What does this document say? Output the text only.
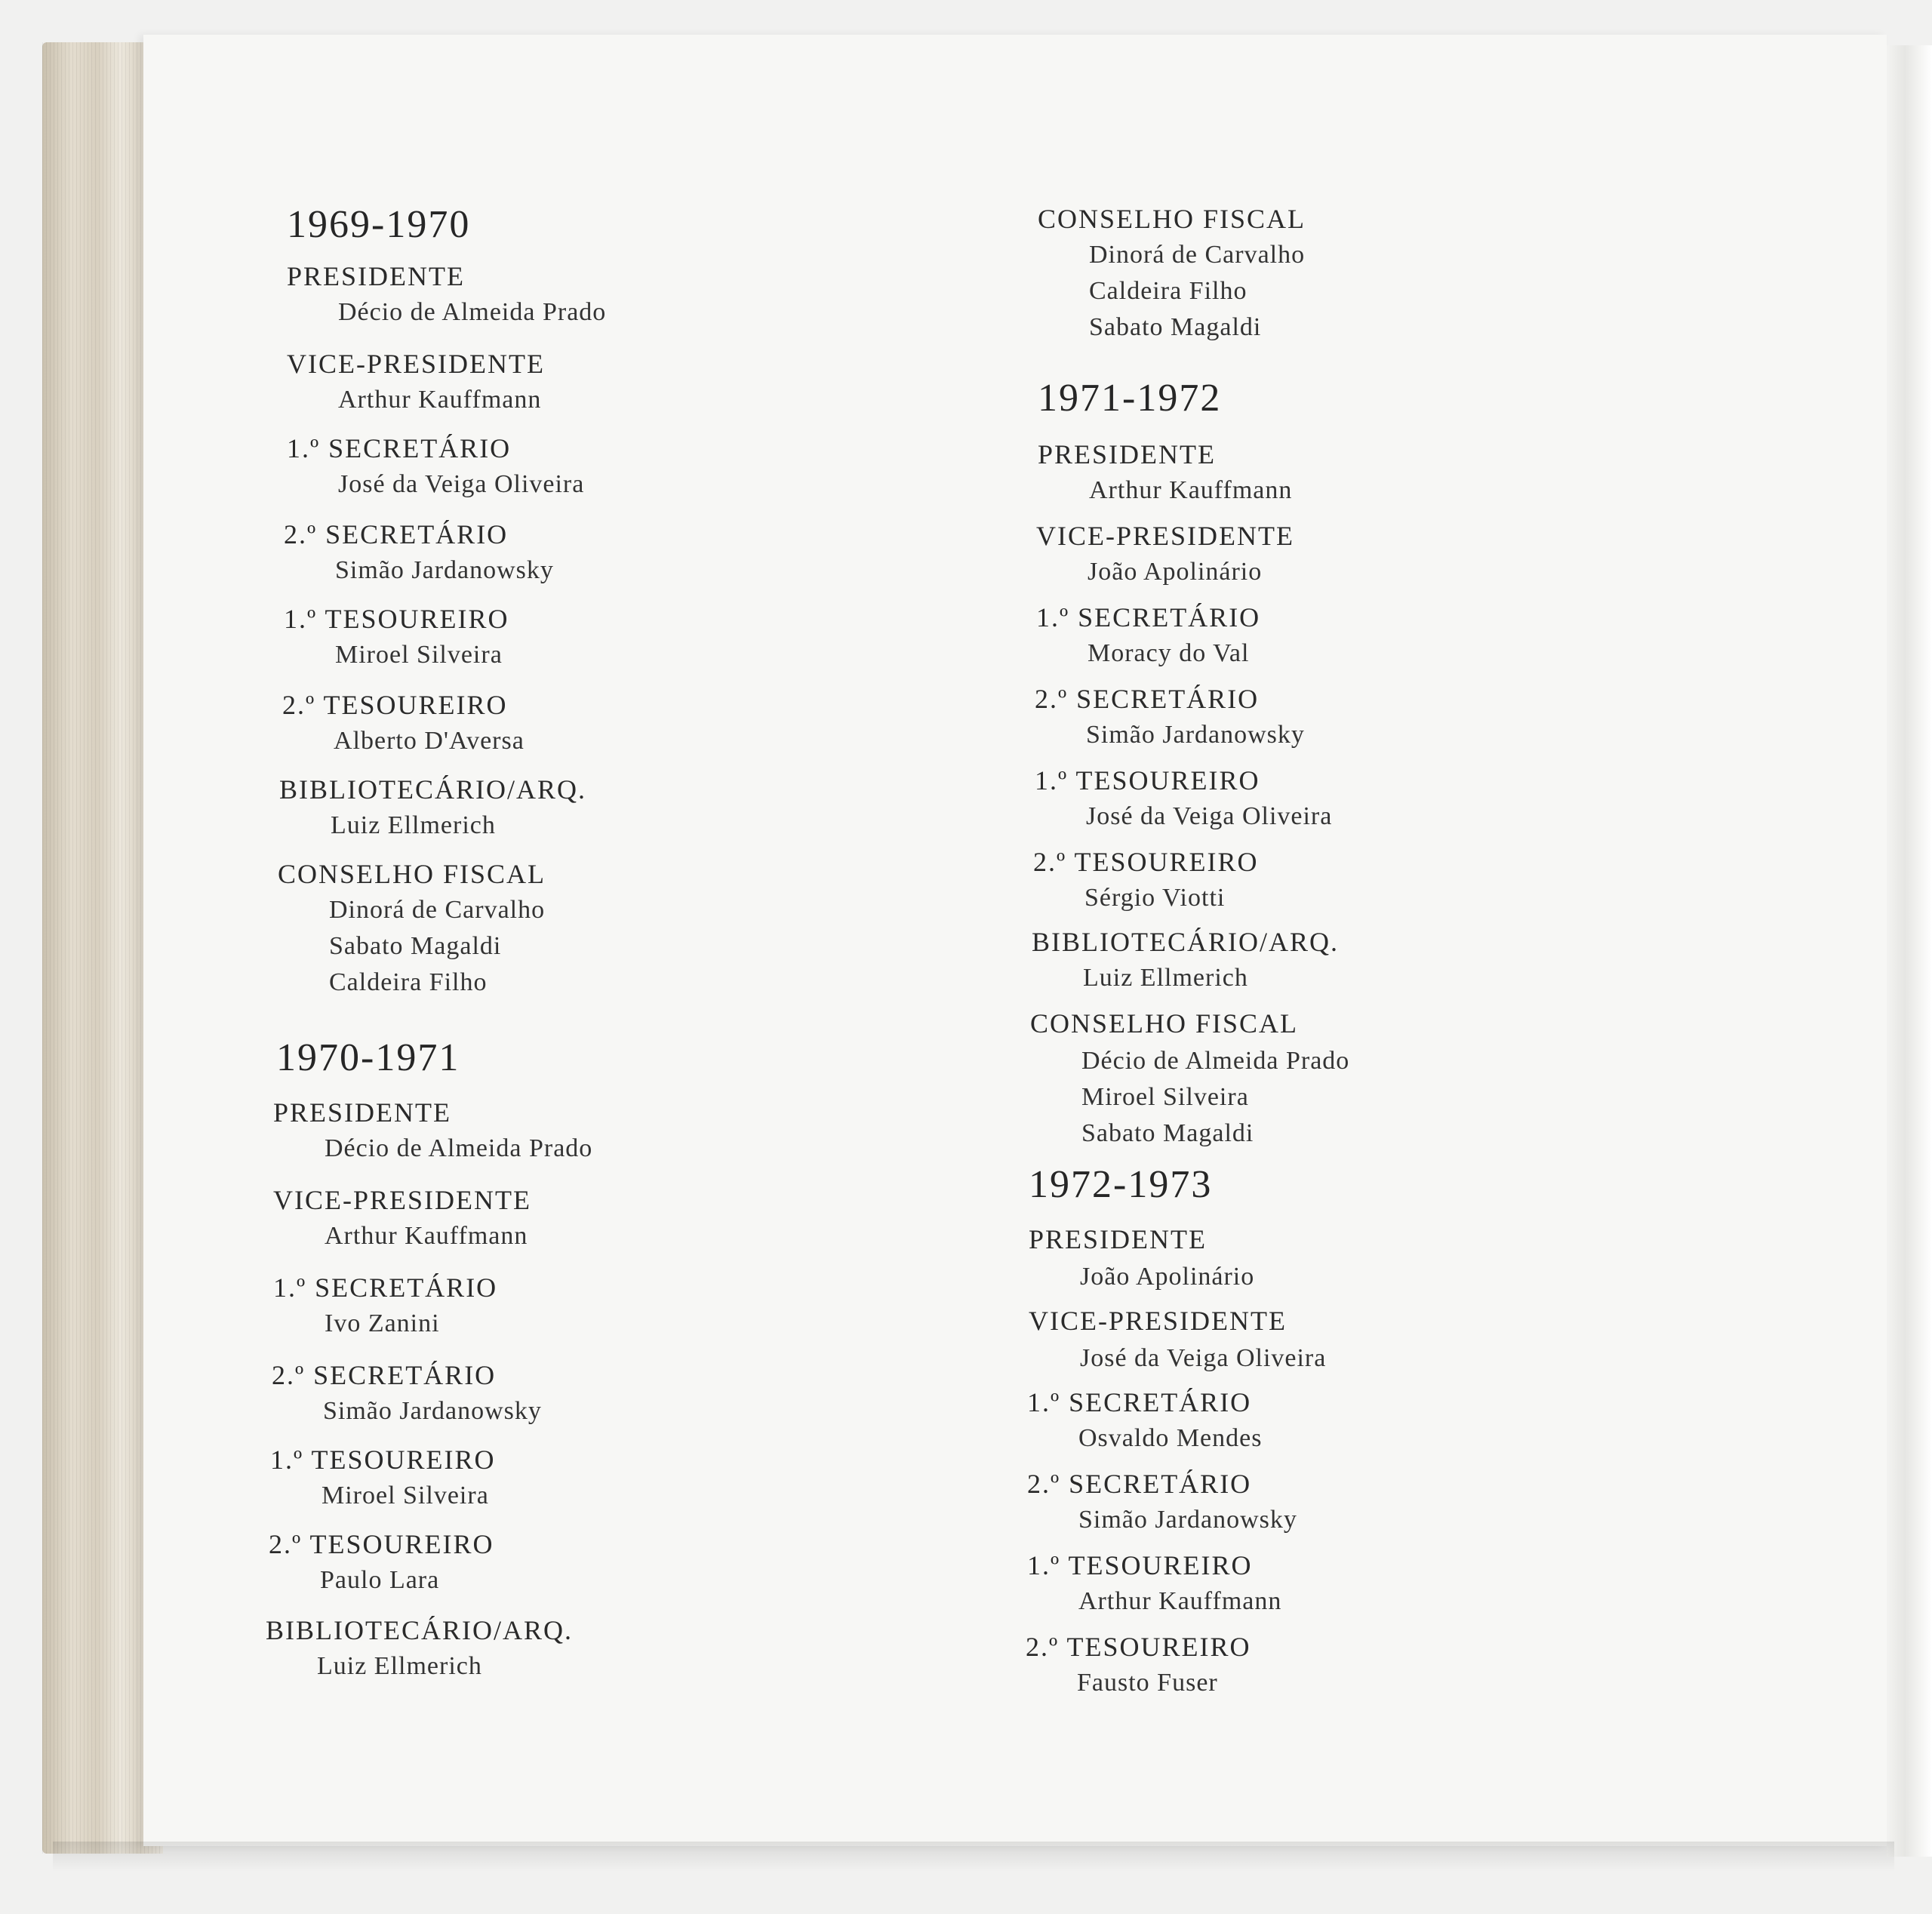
1969-1970
PRESIDENTE
Décio de Almeida Prado
VICE-PRESIDENTE
Arthur Kauffmann
1.º SECRETÁRIO
José da Veiga Oliveira
2.º SECRETÁRIO
Simão Jardanowsky
1.º TESOUREIRO
Miroel Silveira
2.º TESOUREIRO
Alberto D'Aversa
BIBLIOTECÁRIO/ARQ.
Luiz Ellmerich
CONSELHO FISCAL
Dinorá de Carvalho
Sabato Magaldi
Caldeira Filho
1970-1971
PRESIDENTE
Décio de Almeida Prado
VICE-PRESIDENTE
Arthur Kauffmann
1.º SECRETÁRIO
Ivo Zanini
2.º SECRETÁRIO
Simão Jardanowsky
1.º TESOUREIRO
Miroel Silveira
2.º TESOUREIRO
Paulo Lara
BIBLIOTECÁRIO/ARQ.
Luiz Ellmerich
CONSELHO FISCAL
Dinorá de Carvalho
Caldeira Filho
Sabato Magaldi
1971-1972
PRESIDENTE
Arthur Kauffmann
VICE-PRESIDENTE
João Apolinário
1.º SECRETÁRIO
Moracy do Val
2.º SECRETÁRIO
Simão Jardanowsky
1.º TESOUREIRO
José da Veiga Oliveira
2.º TESOUREIRO
Sérgio Viotti
BIBLIOTECÁRIO/ARQ.
Luiz Ellmerich
CONSELHO FISCAL
Décio de Almeida Prado
Miroel Silveira
Sabato Magaldi
1972-1973
PRESIDENTE
João Apolinário
VICE-PRESIDENTE
José da Veiga Oliveira
1.º SECRETÁRIO
Osvaldo Mendes
2.º SECRETÁRIO
Simão Jardanowsky
1.º TESOUREIRO
Arthur Kauffmann
2.º TESOUREIRO
Fausto Fuser
